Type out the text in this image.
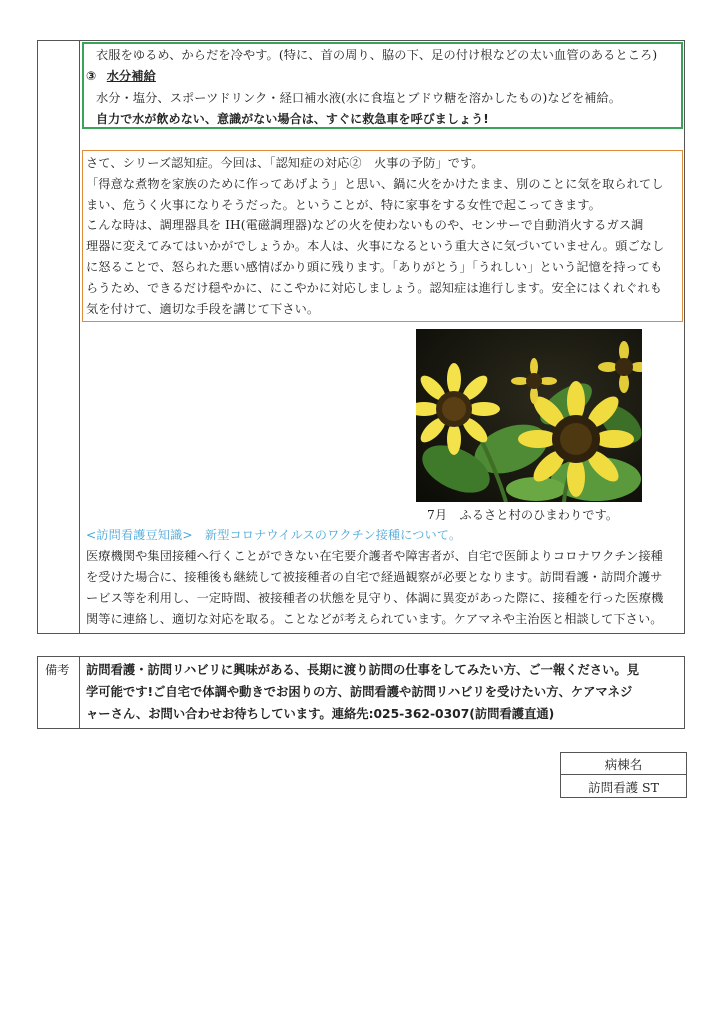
衣服をゆるめ、からだを冷やす。(特に、首の周り、脇の下、足の付け根などの太い血管のあるところ)
③ 水分補給
水分・塩分、スポーツドリンク・経口補水液(水に食塩とブドウ糖を溶かしたもの)などを補給。
自力で水が飲めない、意識がない場合は、すぐに救急車を呼びましょう!
さて、シリーズ認知症。今回は、「認知症の対応②　火事の予防」です。
「得意な煮物を家族のために作ってあげよう」と思い、鍋に火をかけたまま、別のことに気を取られてし
まい、危うく火事になりそうだった。ということが、特に家事をする女性で起こってきます。
こんな時は、調理器具を IH(電磁調理器)などの火を使わないものや、センサーで自動消火するガス調
理器に変えてみてはいかがでしょうか。本人は、火事になるという重大さに気づいていません。頭ごなし
に怒ることで、怒られた悪い感情ばかり頭に残ります。「ありがとう」「うれしい」という記憶を持っても
らうため、できるだけ穏やかに、にこやかに対応しましょう。認知症は進行します。安全にはくれぐれも
気を付けて、適切な手段を講じて下さい。
7月　ふるさと村のひまわりです。
<訪問看護豆知識>　新型コロナウイルスのワクチン接種について。
医療機関や集団接種へ行くことができない在宅要介護者や障害者が、自宅で医師よりコロナワクチン接種
を受けた場合に、接種後も継続して被接種者の自宅で経過観察が必要となります。訪問看護・訪問介護サ
ービス等を利用し、一定時間、被接種者の状態を見守り、体調に異変があった際に、接種を行った医療機
関等に連絡し、適切な対応を取る。ことなどが考えられています。ケアマネや主治医と相談して下さい。
備考 訪問看護・訪問リハビリに興味がある、長期に渡り訪問の仕事をしてみたい方、ご一報ください。見
学可能です!ご自宅で体調や動きでお困りの方、訪問看護や訪問リハビリを受けたい方、ケアマネジ
ャーさん、お問い合わせお待ちしています。連絡先:025-362-0307(訪問看護直通)
病棟名
訪問看護 ST
